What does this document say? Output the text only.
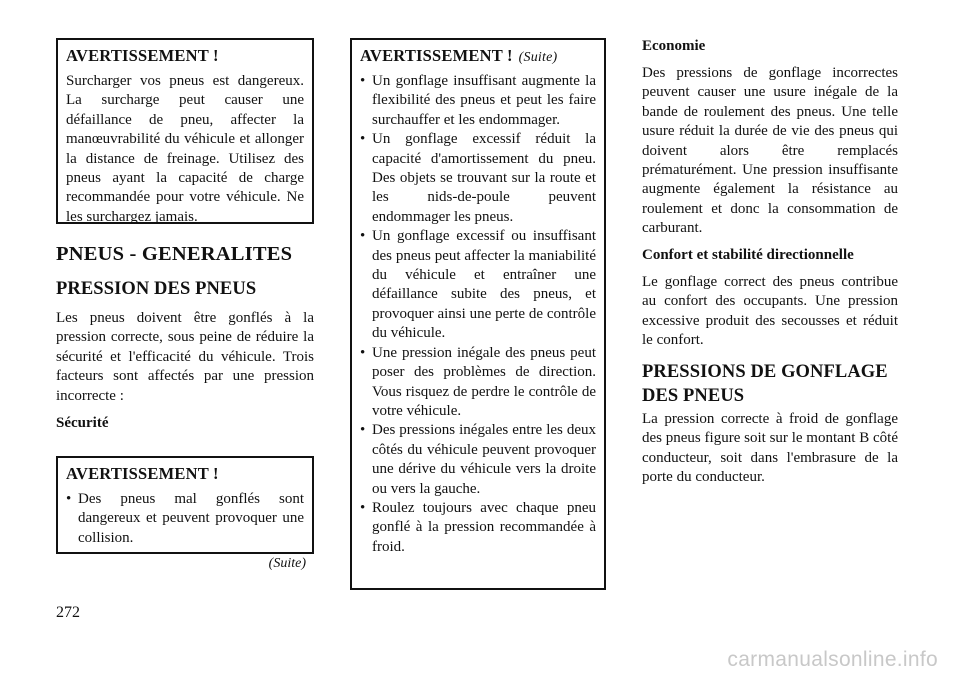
AVERTISSEMENT !

Surcharger vos pneus est dangereux. La surcharge peut causer une défaillance de pneu, affecter la manœuvrabilité du véhicule et allonger la distance de freinage. Utilisez des pneus ayant la capacité de charge recommandée pour votre véhicule. Ne les surchargez jamais.

PNEUS - GENERALITES
PRESSION DES PNEUS

Les pneus doivent être gonflés à la pression correcte, sous peine de réduire la sécurité et l'efficacité du véhicule. Trois facteurs sont affectés par une pression incorrecte :

Sécurité
AVERTISSEMENT !
• Des pneus mal gonflés sont dangereux et peuvent provoquer une collision.
(Suite)
AVERTISSEMENT ! (Suite)
• Un gonflage insuffisant augmente la flexibilité des pneus et peut les faire surchauffer et les endommager.
• Un gonflage excessif réduit la capacité d'amortissement du pneu. Des objets se trouvant sur la route et les nids-de-poule peuvent endommager les pneus.
• Un gonflage excessif ou insuffisant des pneus peut affecter la maniabilité du véhicule et entraîner une défaillance subite des pneus, et provoquer ainsi une perte de contrôle du véhicule.
• Une pression inégale des pneus peut poser des problèmes de direction. Vous risquez de perdre le contrôle de votre véhicule.
• Des pressions inégales entre les deux côtés du véhicule peuvent provoquer une dérive du véhicule vers la droite ou vers la gauche.
• Roulez toujours avec chaque pneu gonflé à la pression recommandée à froid.
Economie

Des pressions de gonflage incorrectes peuvent causer une usure inégale de la bande de roulement des pneus. Une telle usure réduit la durée de vie des pneus qui doivent alors être remplacés prématurément. Une pression insuffisante augmente également la résistance au roulement et donc la consommation de carburant.

Confort et stabilité directionnelle

Le gonflage correct des pneus contribue au confort des occupants. Une pression excessive produit des secousses et réduit le confort.

PRESSIONS DE GONFLAGE
DES PNEUS

La pression correcte à froid de gonflage des pneus figure soit sur le montant B côté conducteur, soit dans l'embrasure de la porte du conducteur.

272
carmanualsonline.info
